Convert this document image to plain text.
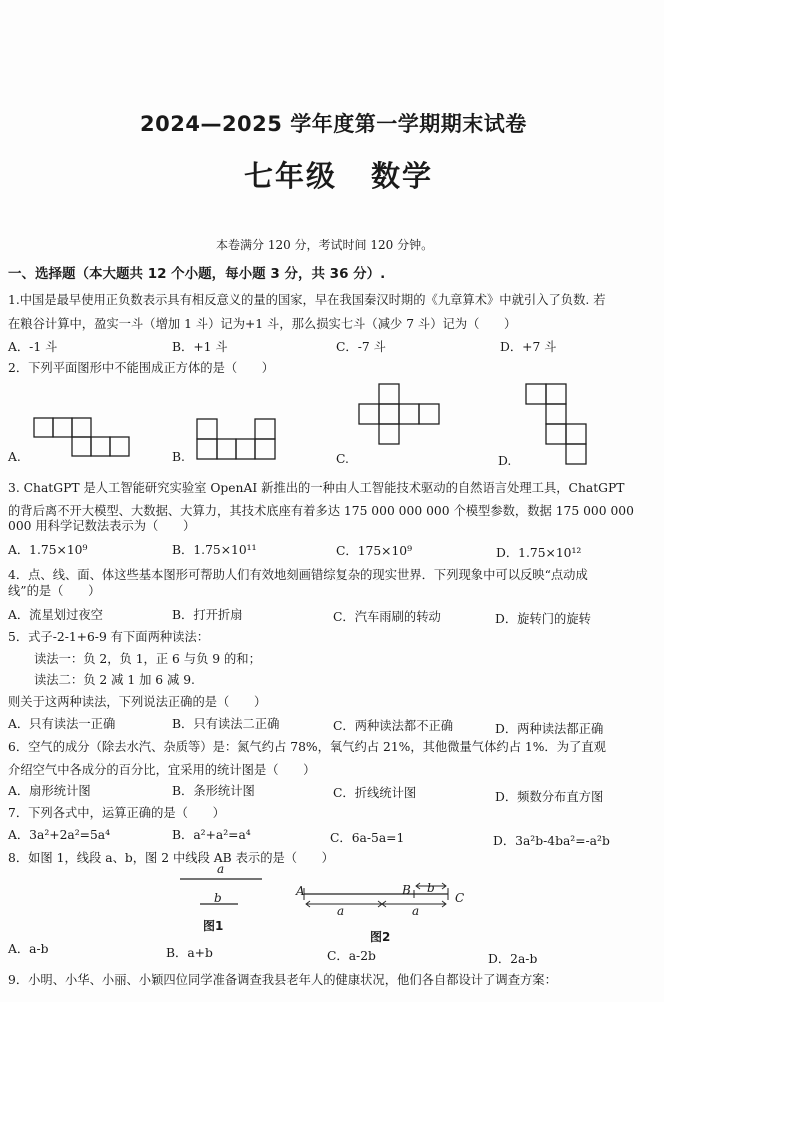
2024—2025 学年度第一学期期末试卷
七年级 数学
本卷满分 120 分，考试时间 120 分钟。
一、选择题（本大题共 12 个小题，每小题 3 分，共 36 分）.
1.中国是最早使用正负数表示具有相反意义的量的国家，早在我国秦汉时期的《九章算术》中就引入了负数. 若
在粮谷计算中，盈实一斗（增加 1 斗）记为+1 斗，那么损实七斗（减少 7 斗）记为（　　）
A．-1 斗	B．+1 斗	C．-7 斗	D．+7 斗
2．下列平面图形中不能围成正方体的是（　　）
A.	B.	C.	D.
3. ChatGPT 是人工智能研究实验室 OpenAI 新推出的一种由人工智能技术驱动的自然语言处理工具，ChatGPT
的背后离不开大模型、大数据、大算力，其技术底座有着多达 175 000 000 000 个模型参数，数据 175 000 000
000 用科学记数法表示为（　　）
A．1.75×10⁹	B．1.75×10¹¹	C．175×10⁹	D．1.75×10¹²
4．点、线、面、体这些基本图形可帮助人们有效地刻画错综复杂的现实世界．下列现象中可以反映“点动成
线”的是（　　）
A．流星划过夜空	B．打开折扇	C．汽车雨刷的转动	D．旋转门的旋转
5．式子-2-1+6-9 有下面两种读法：
读法一：负 2，负 1，正 6 与负 9 的和；
读法二：负 2 减 1 加 6 减 9.
则关于这两种读法，下列说法正确的是（　　）
A．只有读法一正确	B．只有读法二正确	C．两种读法都不正确	D．两种读法都正确
6．空气的成分（除去水汽、杂质等）是：氮气约占 78%，氧气约占 21%，其他微量气体约占 1%．为了直观
介绍空气中各成分的百分比，宜采用的统计图是（　　）
A．扇形统计图	B．条形统计图	C．折线统计图	D．频数分布直方图
7．下列各式中，运算正确的是（　　）
A．3a²+2a²=5a⁴	B．a²+a²=a⁴	C．6a-5a=1	D．3a²b-4ba²=-a²b
8．如图 1，线段 a、b，图 2 中线段 AB 表示的是（　　）
a
b
图1
A	B
C
b
a	a
图2
A．a-b	B．a+b	C．a-2b	D．2a-b
9．小明、小华、小丽、小颖四位同学准备调查我县老年人的健康状况，他们各自都设计了调查方案：
